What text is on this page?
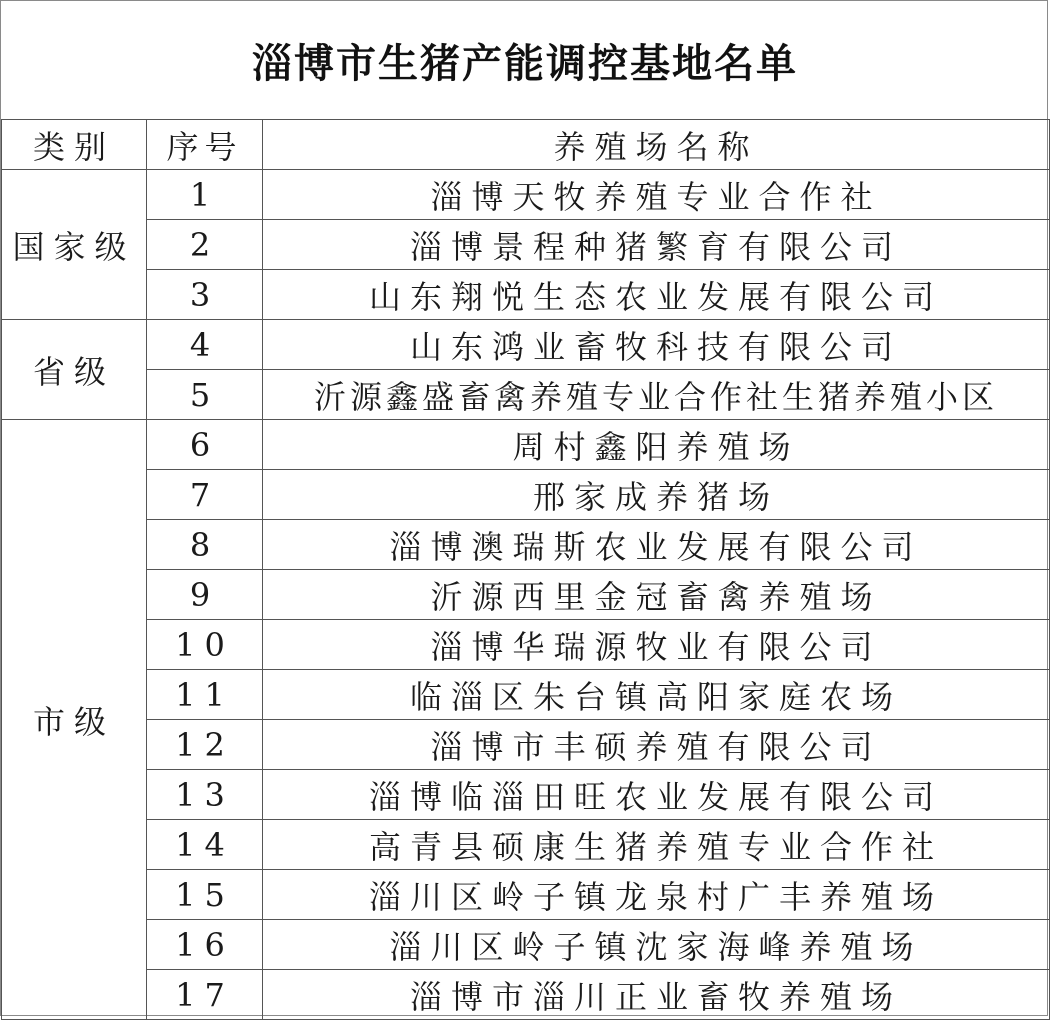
淄博市生猪产能调控基地名单
类别	序号	养殖场名称
国家级	1	淄博天牧养殖专业合作社
	2	淄博景程种猪繁育有限公司
	3	山东翔悦生态农业发展有限公司
省级	4	山东鸿业畜牧科技有限公司
	5	沂源鑫盛畜禽养殖专业合作社生猪养殖小区
市级	6	周村鑫阳养殖场
	7	邢家成养猪场
	8	淄博澳瑞斯农业发展有限公司
	9	沂源西里金冠畜禽养殖场
	10	淄博华瑞源牧业有限公司
	11	临淄区朱台镇高阳家庭农场
	12	淄博市丰硕养殖有限公司
	13	淄博临淄田旺农业发展有限公司
	14	高青县硕康生猪养殖专业合作社
	15	淄川区岭子镇龙泉村广丰养殖场
	16	淄川区岭子镇沈家海峰养殖场
	17	淄博市淄川正业畜牧养殖场
